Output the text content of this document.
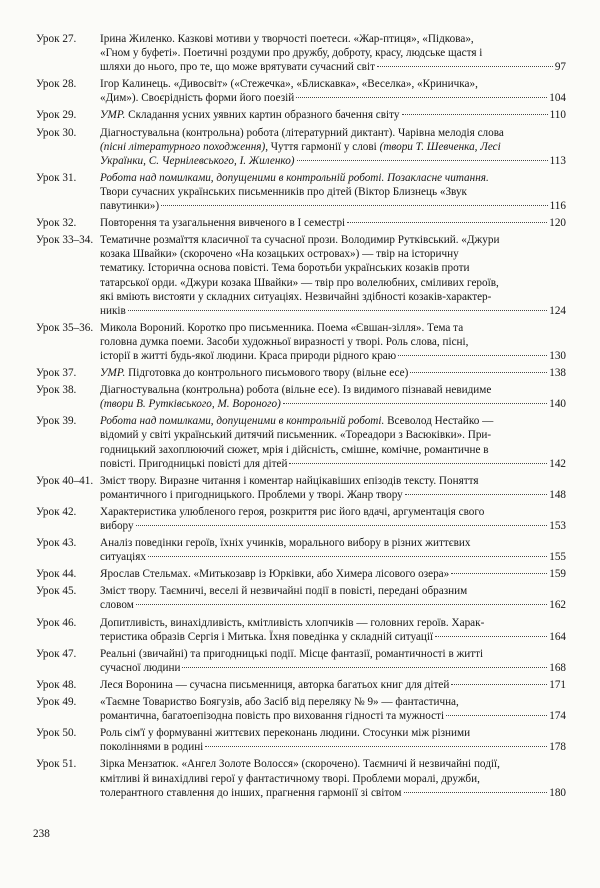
Урок 27.	Ірина Жиленко. Казкові мотиви у творчості поетеси. «Жар-птиця», «Підкова»,
«Гном у буфеті». Поетичні роздуми про дружбу, доброту, красу, людське щастя і
шляхи до нього, про те, що може врятувати сучасний світ	97
Урок 28.	Ігор Калинець. «Дивосвіт» («Стежечка», «Блискавка», «Веселка», «Криничка»,
«Дим»). Своєрідність форми його поезій	104
Урок 29.	УМР. Складання усних уявних картин образного бачення світу	110
Урок 30.	Діагностувальна (контрольна) робота (літературний диктант). Чарівна мелодія слова
(пісні літературного походження), Чуття гармонії у слові (твори Т. Шевченка, Лесі
Українки, С. Чернілевського, І. Жиленко)	113
Урок 31.	Робота над помилками, допущеними в контрольній роботі. Позакласне читання.
Твори сучасних українських письменників про дітей (Віктор Близнець «Звук
павутинки»)	116
Урок 32.	Повторення та узагальнення вивченого в І семестрі	120
Урок 33–34. Тематичне розмаїття класичної та сучасної прози. Володимир Рутківський. «Джури
козака Швайки» (скорочено «На козацьких островах») — твір на історичну
тематику. Історична основа повісті. Тема боротьби українських козаків проти
татарської орди. «Джури козака Швайки» — твір про волелюбних, сміливих героїв,
які вміють вистояти у складних ситуаціях. Незвичайні здібності козаків-характер-
ників	124
Урок 35–36. Микола Вороний. Коротко про письменника. Поема «Євшан-зілля». Тема та
головна думка поеми. Засоби художньої виразності у творі. Роль слова, пісні,
історії в житті будь-якої людини. Краса природи рідного краю	130
Урок 37.	УМР. Підготовка до контрольного письмового твору (вільне есе)	138
Урок 38.	Діагностувальна (контрольна) робота (вільне есе). Із видимого пізнавай невидиме
(твори В. Рутківського, М. Вороного)	140
Урок 39.	Робота над помилками, допущеними в контрольній роботі. Всеволод Нестайко —
відомий у світі український дитячий письменник. «Тореадори з Васюківки». При-
годницький захоплюючий сюжет, мрія і дійсність, смішне, комічне, романтичне в
повісті. Пригодницькі повісті для дітей	142
Урок 40–41. Зміст твору. Виразне читання і коментар найцікавіших епізодів тексту. Поняття
романтичного і пригодницького. Проблеми у творі. Жанр твору	148
Урок 42.	Характеристика улюбленого героя, розкриття рис його вдачі, аргументація свого
вибору	153
Урок 43.	Аналіз поведінки героїв, їхніх учинків, морального вибору в різних життєвих
ситуаціях	155
Урок 44.	Ярослав Стельмах. «Митькозавр із Юрківки, або Химера лісового озера»	159
Урок 45.	Зміст твору. Таємничі, веселі й незвичайні події в повісті, передані образним
словом	162
Урок 46.	Допитливість, винахідливість, кмітливість хлопчиків — головних героїв. Харак-
теристика образів Сергія і Митька. Їхня поведінка у складній ситуації	164
Урок 47.	Реальні (звичайні) та пригодницькі події. Місце фантазії, романтичності в житті
сучасної людини	168
Урок 48.	Леся Воронина — сучасна письменниця, авторка багатьох книг для дітей	171
Урок 49.	«Таємне Товариство Боягузів, або Засіб від переляку № 9» — фантастична,
романтична, багатоепізодна повість про виховання гідності та мужності	174
Урок 50.	Роль сім'ї у формуванні життєвих переконань людини. Стосунки між різними
поколіннями в родині	178
Урок 51.	Зірка Мензатюк. «Ангел Золоте Волосся» (скорочено). Таємничі й незвичайні події,
кмітливі й винахідливі герої у фантастичному творі. Проблеми моралі, дружби,
толерантного ставлення до інших, прагнення гармонії зі світом	180
238
